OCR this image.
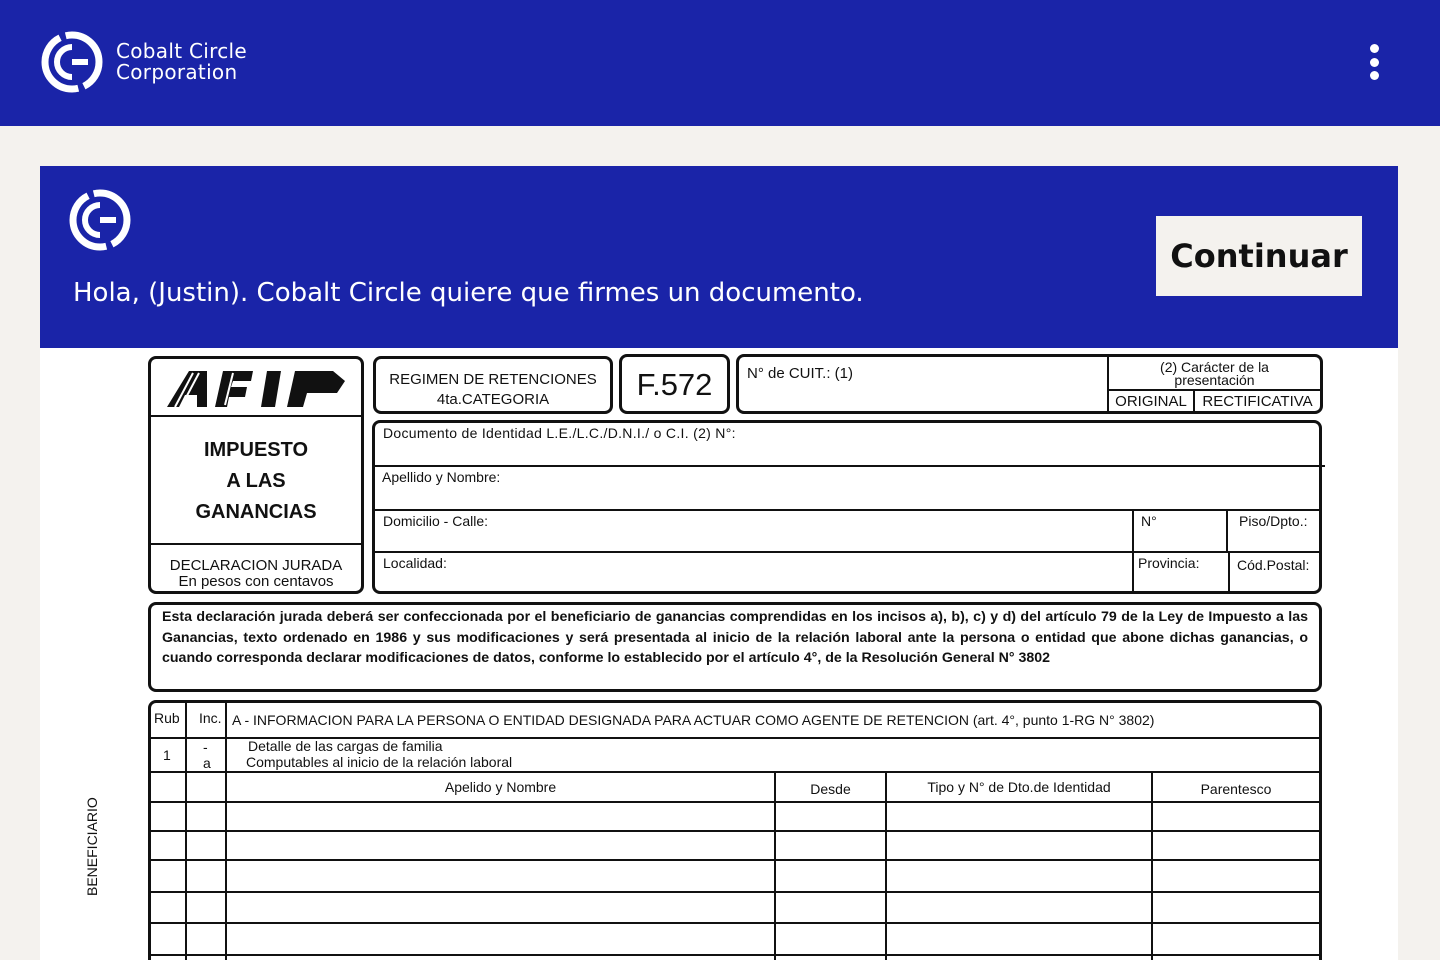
Cobalt Circle
Corporation

Hola, (Justin). Cobalt Circle quiere que firmes un documento.

Continuar
IMPUESTO
A LAS
GANANCIAS
DECLARACION JURADA
En pesos con centavos
REGIMEN DE RETENCIONES
4ta.CATEGORIA	F.572	N° de CUIT.: (1)	(2) Carácter de la
presentación
ORIGINAL	RECTIFICATIVA
Documento de Identidad L.E./L.C./D.N.I./ o C.I. (2) N°:
Apellido y Nombre:
Domicilio - Calle:	N°	Piso/Dpto.:
Localidad:	Provincia:	Cód.Postal:

Esta declaración jurada deberá ser confeccionada por el beneficiario de ganancias comprendidas en los incisos a), b), c) y d) del artículo 79 de la Ley de Impuesto a las Ganancias, texto ordenado en 1986 y sus modificaciones y será presentada al inicio de la relación laboral ante la persona o entidad que abone dichas ganancias, o cuando corresponda declarar modificaciones de datos, conforme lo establecido por el artículo 4°, de la Resolución General N° 3802

Rub Inc. A - INFORMACION PARA LA PERSONA O ENTIDAD DESIGNADA PARA ACTUAR COMO AGENTE DE RETENCION (art. 4°, punto 1-RG N° 3802)
1 -
a
Detalle de las cargas de familia
Computables al inicio de la relación laboral
Apelido y Nombre	Desde	Tipo y N° de Dto.de Identidad	Parentesco
BENEFICIARIO
